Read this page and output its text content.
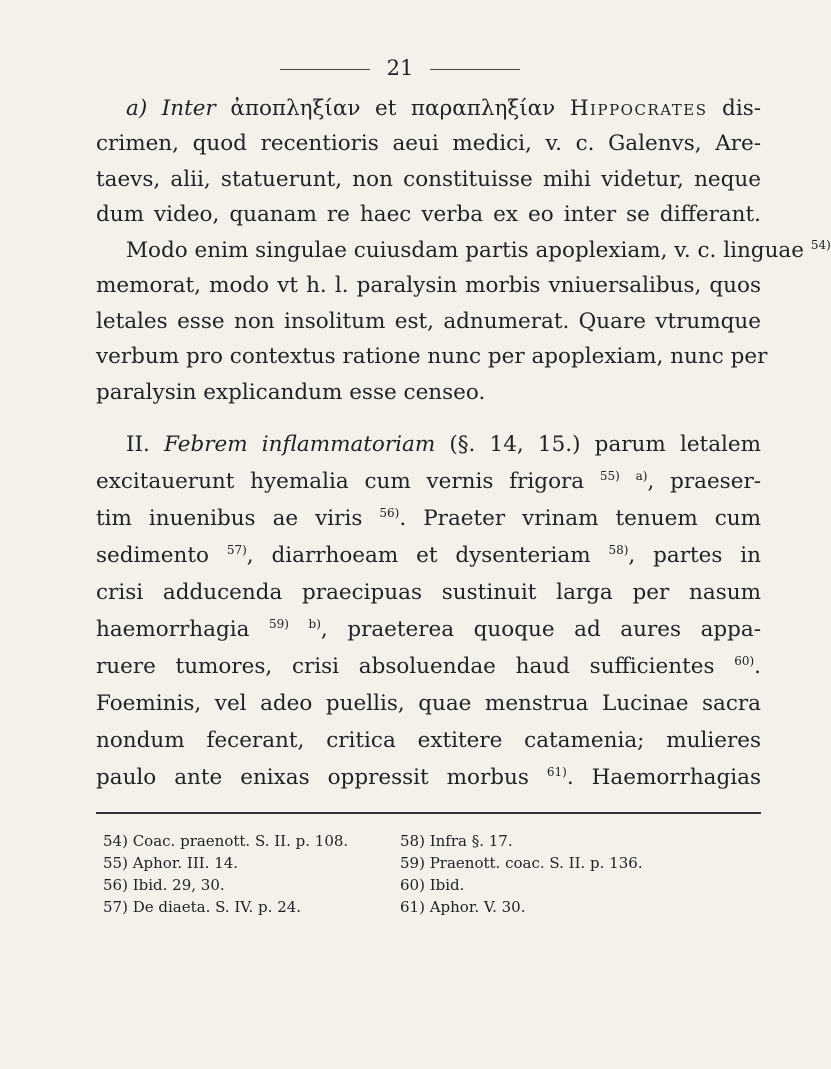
21
a) Inter ἀποπληξίαν et παραπληξίαν Hippocrates dis-
crimen, quod recentioris aeui medici, v. c. Galenvs, Are-
taevs, alii, statuerunt, non constituisse mihi videtur, neque
dum video, quanam re haec verba ex eo inter se differant.
Modo enim singulae cuiusdam partis apoplexiam, v. c. linguae $^{54)}$
memorat, modo vt h. l. paralysin morbis vniuersalibus, quos
letales esse non insolitum est, adnumerat. Quare vtrumque
verbum pro contextus ratione nunc per apoplexiam, nunc per
paralysin explicandum esse censeo.
II. Febrem inflammatoriam (§. 14, 15.) parum letalem
excitauerunt hyemalia cum vernis frigora $^{55)}$ $^{a)}$, praeser-
tim inuenibus ae viris $^{56)}$. Praeter vrinam tenuem cum
sedimento $^{57)}$, diarrhoeam et dysenteriam $^{58)}$, partes in
crisi adducenda praecipuas sustinuit larga per nasum
haemorrhagia $^{59)}$ $^{b)}$, praeterea quoque ad aures appa-
ruere tumores, crisi absoluendae haud sufficientes $^{60)}$.
Foeminis, vel adeo puellis, quae menstrua Lucinae sacra
nondum fecerant, critica extitere catamenia; mulieres
paulo ante enixas oppressit morbus $^{61)}$. Haemorrhagias
54) Coac. praenott. S. II. p. 108.
55) Aphor. III. 14.
56) Ibid. 29, 30.
57) De diaeta. S. IV. p. 24.
58) Infra §. 17.
59) Praenott. coac. S. II. p. 136.
60) Ibid.
61) Aphor. V. 30.
